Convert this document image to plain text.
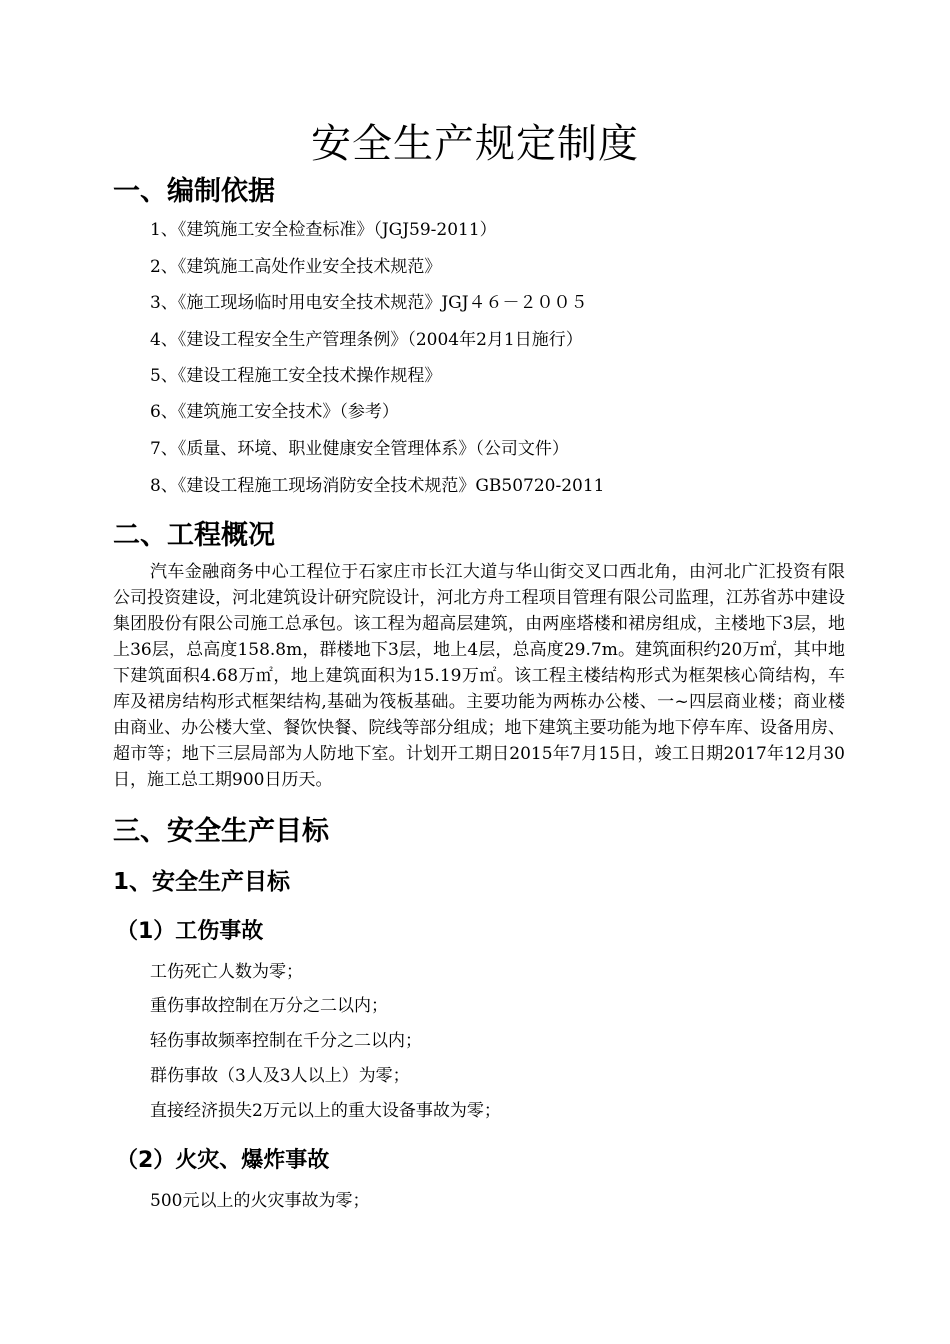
安全生产规定制度
一、编制依据
1、《建筑施工安全检查标准》（JGJ59-2011）
2、《建筑施工高处作业安全技术规范》
3、《施工现场临时用电安全技术规范》JGJ４６－２００５
4、《建设工程安全生产管理条例》（2004年2月1日施行）
5、《建设工程施工安全技术操作规程》
6、《建筑施工安全技术》（参考）
7、《质量、环境、职业健康安全管理体系》（公司文件）
8、《建设工程施工现场消防安全技术规范》GB50720-2011
二、工程概况

汽车金融商务中心工程位于石家庄市长江大道与华山街交叉口西北角，由河北广汇投资有限公司投资建设，河北建筑设计研究院设计，河北方舟工程项目管理有限公司监理，江苏省苏中建设集团股份有限公司施工总承包。该工程为超高层建筑，由两座塔楼和裙房组成，主楼地下3层，地上36层，总高度158.8m，群楼地下3层，地上4层，总高度29.7m。建筑面积约20万㎡，其中地下建筑面积4.68万㎡，地上建筑面积为15.19万㎡。该工程主楼结构形式为框架核心筒结构，车库及裙房结构形式框架结构,基础为筏板基础。主要功能为两栋办公楼、一~四层商业楼；商业楼由商业、办公楼大堂、餐饮快餐、院线等部分组成；地下建筑主要功能为地下停车库、设备用房、超市等；地下三层局部为人防地下室。计划开工期日2015年7月15日，竣工日期2017年12月30日，施工总工期900日历天。

三、安全生产目标
1、安全生产目标
（1）工伤事故
工伤死亡人数为零；
重伤事故控制在万分之二以内；
轻伤事故频率控制在千分之二以内；
群伤事故（3人及3人以上）为零；
直接经济损失2万元以上的重大设备事故为零；
（2）火灾、爆炸事故
500元以上的火灾事故为零；
